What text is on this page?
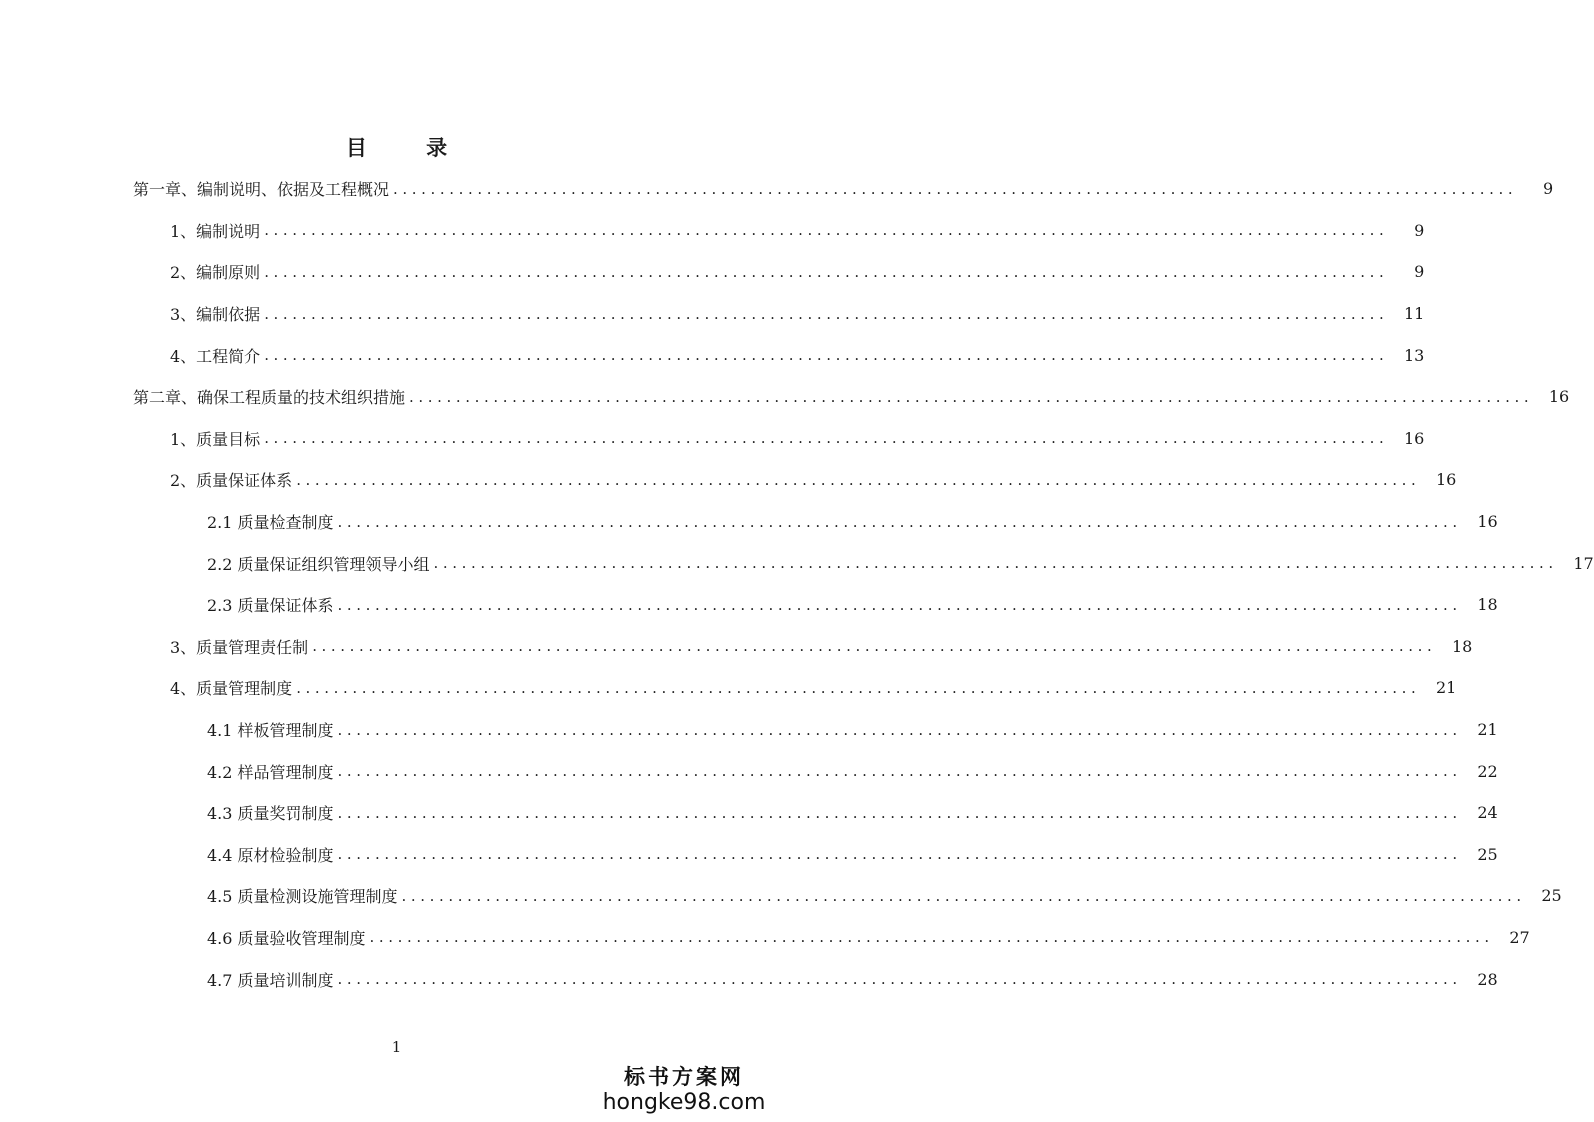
目 录
第一章、编制说明、依据及工程概况 ........................................................................................................................	9
1、编制说明 ........................................................................................................................	9
2、编制原则 ........................................................................................................................	9
3、编制依据 ........................................................................................................................ 11
4、工程简介 ........................................................................................................................ 13
第二章、确保工程质量的技术组织措施 ........................................................................................................................ 16
1、质量目标 ........................................................................................................................ 16
2、质量保证体系 ........................................................................................................................ 16
2.1 质量检查制度 ........................................................................................................................ 16
2.2 质量保证组织管理领导小组 ........................................................................................................................ 17
2.3 质量保证体系 ........................................................................................................................ 18
3、质量管理责任制 ........................................................................................................................ 18
4、质量管理制度 ........................................................................................................................ 21
4.1 样板管理制度 ........................................................................................................................ 21
4.2 样品管理制度 ........................................................................................................................ 22
4.3 质量奖罚制度 ........................................................................................................................ 24
4.4 原材检验制度 ........................................................................................................................ 25
4.5 质量检测设施管理制度 ........................................................................................................................ 25
4.6 质量验收管理制度 ........................................................................................................................ 27
4.7 质量培训制度 ........................................................................................................................ 28

1

标书方案网
hongke98.com
